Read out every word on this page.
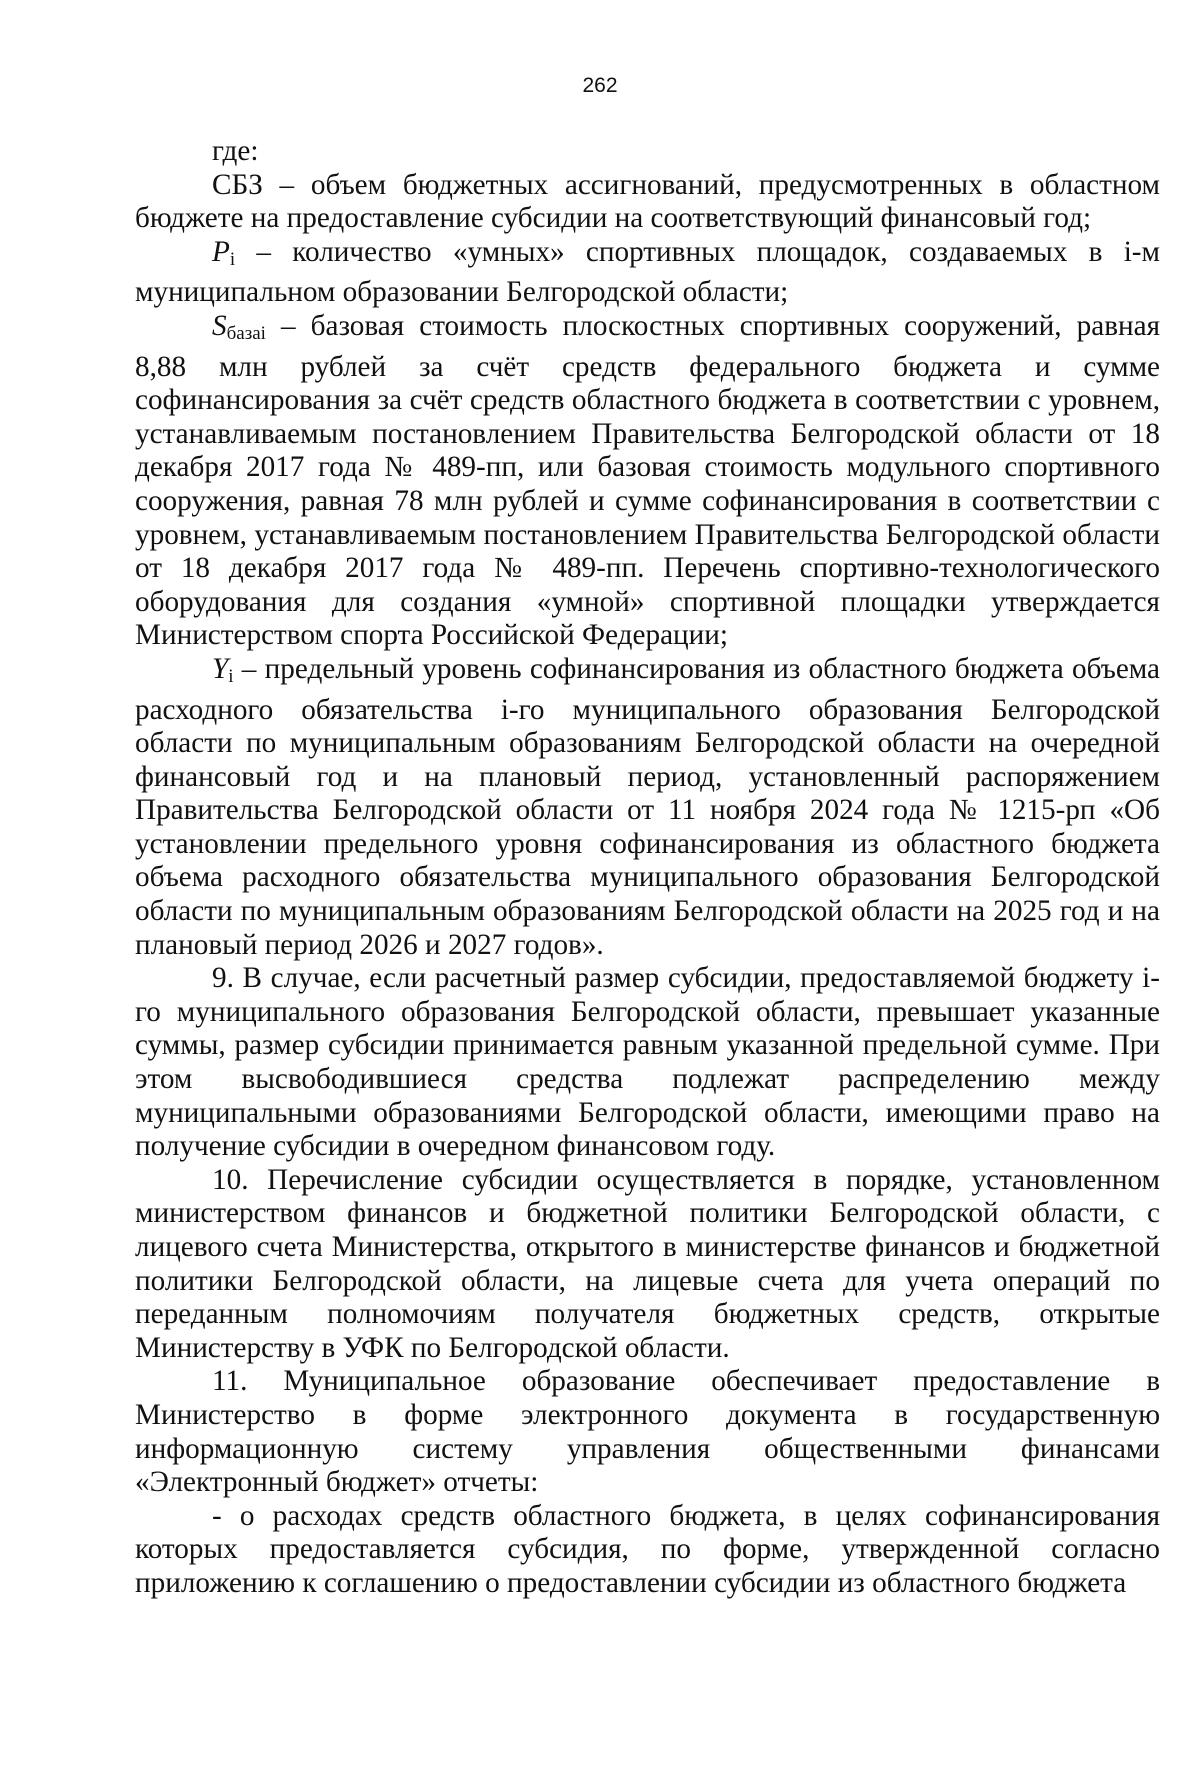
262

где:

СБЗ – объем бюджетных ассигнований, предусмотренных в областном бюджете на предоставление субсидии на соответствующий финансовый год;

$P_i$ – количество «умных» спортивных площадок, создаваемых в i-м муниципальном образовании Белгородской области;

$S_{базаi}$ – базовая стоимость плоскостных спортивных сооружений, равная 8,88 млн рублей за счёт средств федерального бюджета и сумме софинансирования за счёт средств областного бюджета в соответствии с уровнем, устанавливаемым постановлением Правительства Белгородской области от 18 декабря 2017 года № 489-пп, или базовая стоимость модульного спортивного сооружения, равная 78 млн рублей и сумме софинансирования в соответствии с уровнем, устанавливаемым постановлением Правительства Белгородской области от 18 декабря 2017 года № 489-пп. Перечень спортивно-технологического оборудования для создания «умной» спортивной площадки утверждается Министерством спорта Российской Федерации;

$Y_i$ – предельный уровень софинансирования из областного бюджета объема расходного обязательства i-го муниципального образования Белгородской области по муниципальным образованиям Белгородской области на очередной финансовый год и на плановый период, установленный распоряжением Правительства Белгородской области от 11 ноября 2024 года № 1215-рп «Об установлении предельного уровня софинансирования из областного бюджета объема расходного обязательства муниципального образования Белгородской области по муниципальным образованиям Белгородской области на 2025 год и на плановый период 2026 и 2027 годов».

9. В случае, если расчетный размер субсидии, предоставляемой бюджету i-го муниципального образования Белгородской области, превышает указанные суммы, размер субсидии принимается равным указанной предельной сумме. При этом высвободившиеся средства подлежат распределению между муниципальными образованиями Белгородской области, имеющими право на получение субсидии в очередном финансовом году.

10. Перечисление субсидии осуществляется в порядке, установленном министерством финансов и бюджетной политики Белгородской области, с лицевого счета Министерства, открытого в министерстве финансов и бюджетной политики Белгородской области, на лицевые счета для учета операций по переданным полномочиям получателя бюджетных средств, открытые Министерству в УФК по Белгородской области.

11. Муниципальное образование обеспечивает предоставление в Министерство в форме электронного документа в государственную информационную систему управления общественными финансами «Электронный бюджет» отчеты:

- о расходах средств областного бюджета, в целях софинансирования которых предоставляется субсидия, по форме, утвержденной согласно приложению к соглашению о предоставлении субсидии из областного бюджета
